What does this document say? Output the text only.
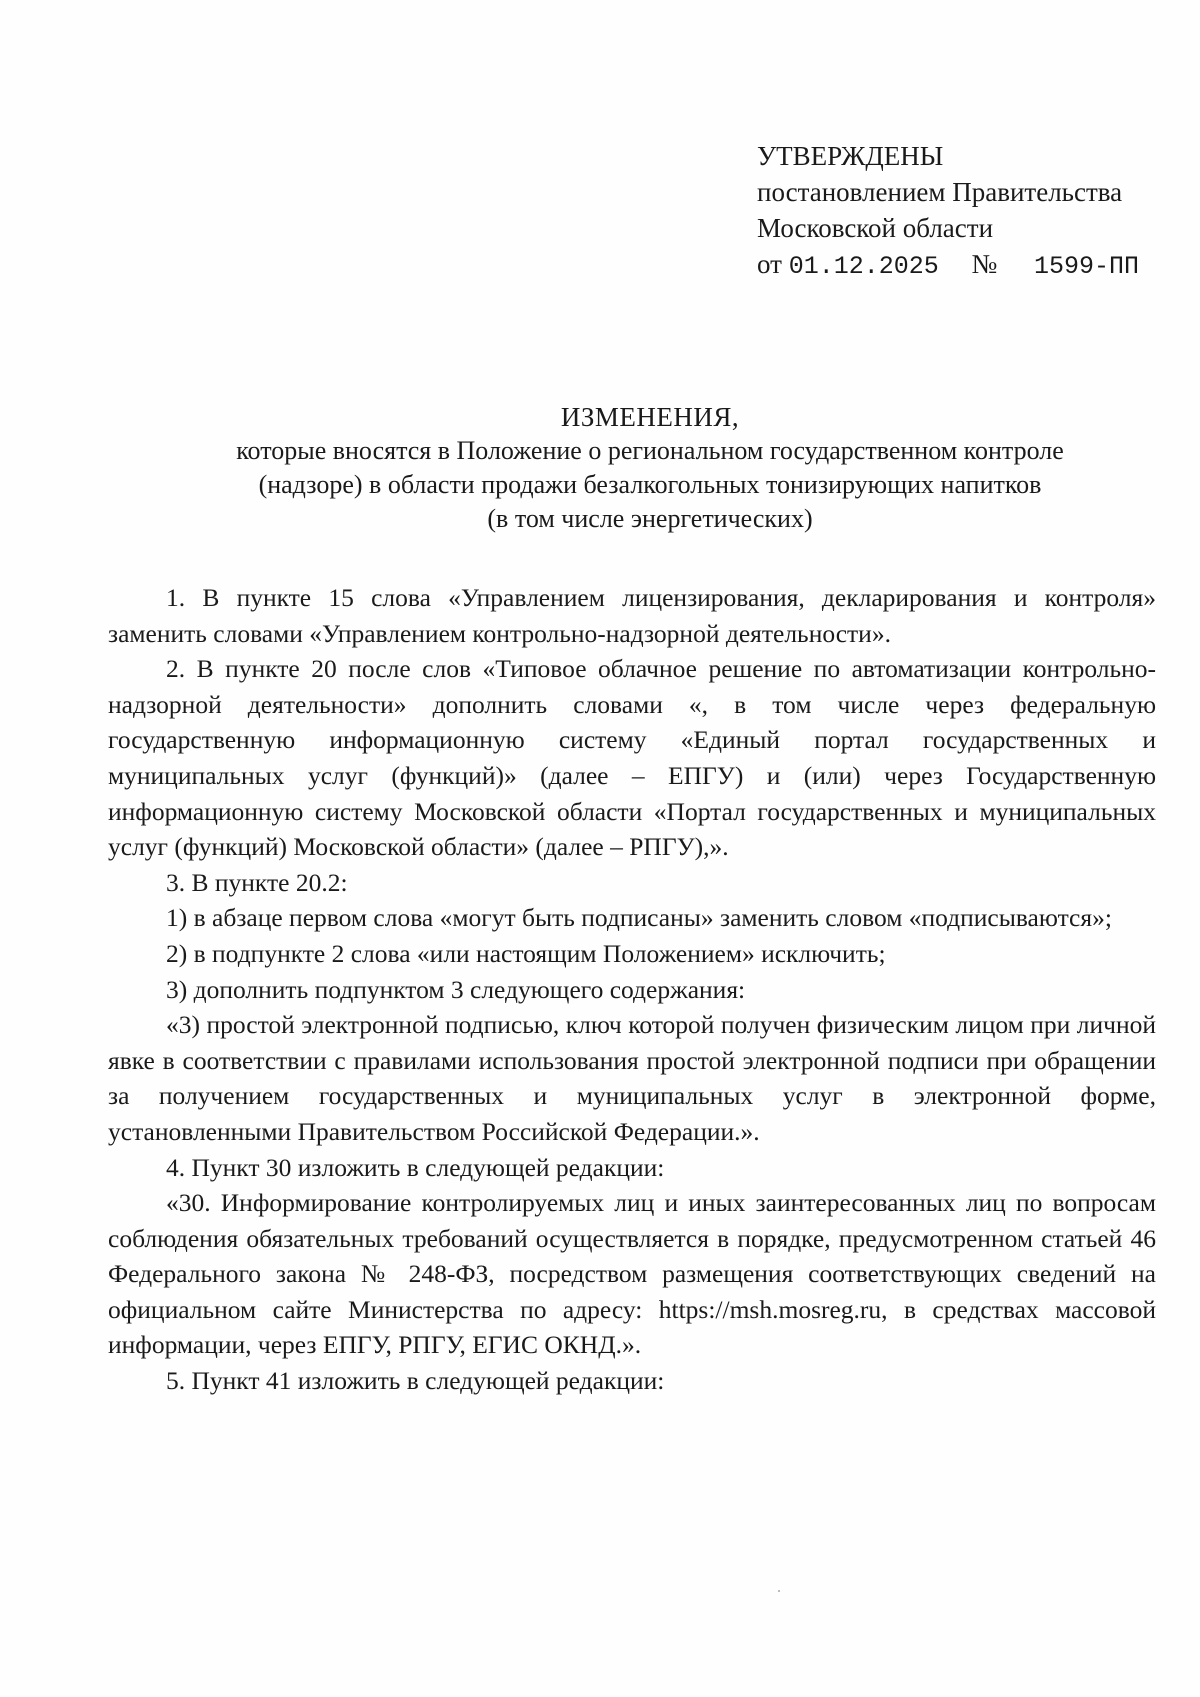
УТВЕРЖДЕНЫ
постановлением Правительства
Московской области
от 01.12.2025 № 1599-ПП
ИЗМЕНЕНИЯ,
которые вносятся в Положение о региональном государственном контроле
(надзоре) в области продажи безалкогольных тонизирующих напитков
(в том числе энергетических)

1. В пункте 15 слова «Управлением лицензирования, декларирования и контроля» заменить словами «Управлением контрольно-надзорной деятельности».

2. В пункте 20 после слов «Типовое облачное решение по автоматизации контрольно-надзорной деятельности» дополнить словами «, в том числе через федеральную государственную информационную систему «Единый портал государственных и муниципальных услуг (функций)» (далее – ЕПГУ) и (или) через Государственную информационную систему Московской области «Портал государственных и муниципальных услуг (функций) Московской области» (далее – РПГУ),».

3. В пункте 20.2:

1) в абзаце первом слова «могут быть подписаны» заменить словом «подписываются»;

2) в подпункте 2 слова «или настоящим Положением» исключить;

3) дополнить подпунктом 3 следующего содержания:

«3) простой электронной подписью, ключ которой получен физическим лицом при личной явке в соответствии с правилами использования простой электронной подписи при обращении за получением государственных и муниципальных услуг в электронной форме, установленными Правительством Российской Федерации.».

4. Пункт 30 изложить в следующей редакции:

«30. Информирование контролируемых лиц и иных заинтересованных лиц по вопросам соблюдения обязательных требований осуществляется в порядке, предусмотренном статьей 46 Федерального закона № 248-ФЗ, посредством размещения соответствующих сведений на официальном сайте Министерства по адресу: https://msh.mosreg.ru, в средствах массовой информации, через ЕПГУ, РПГУ, ЕГИС ОКНД.».

5. Пункт 41 изложить в следующей редакции:
